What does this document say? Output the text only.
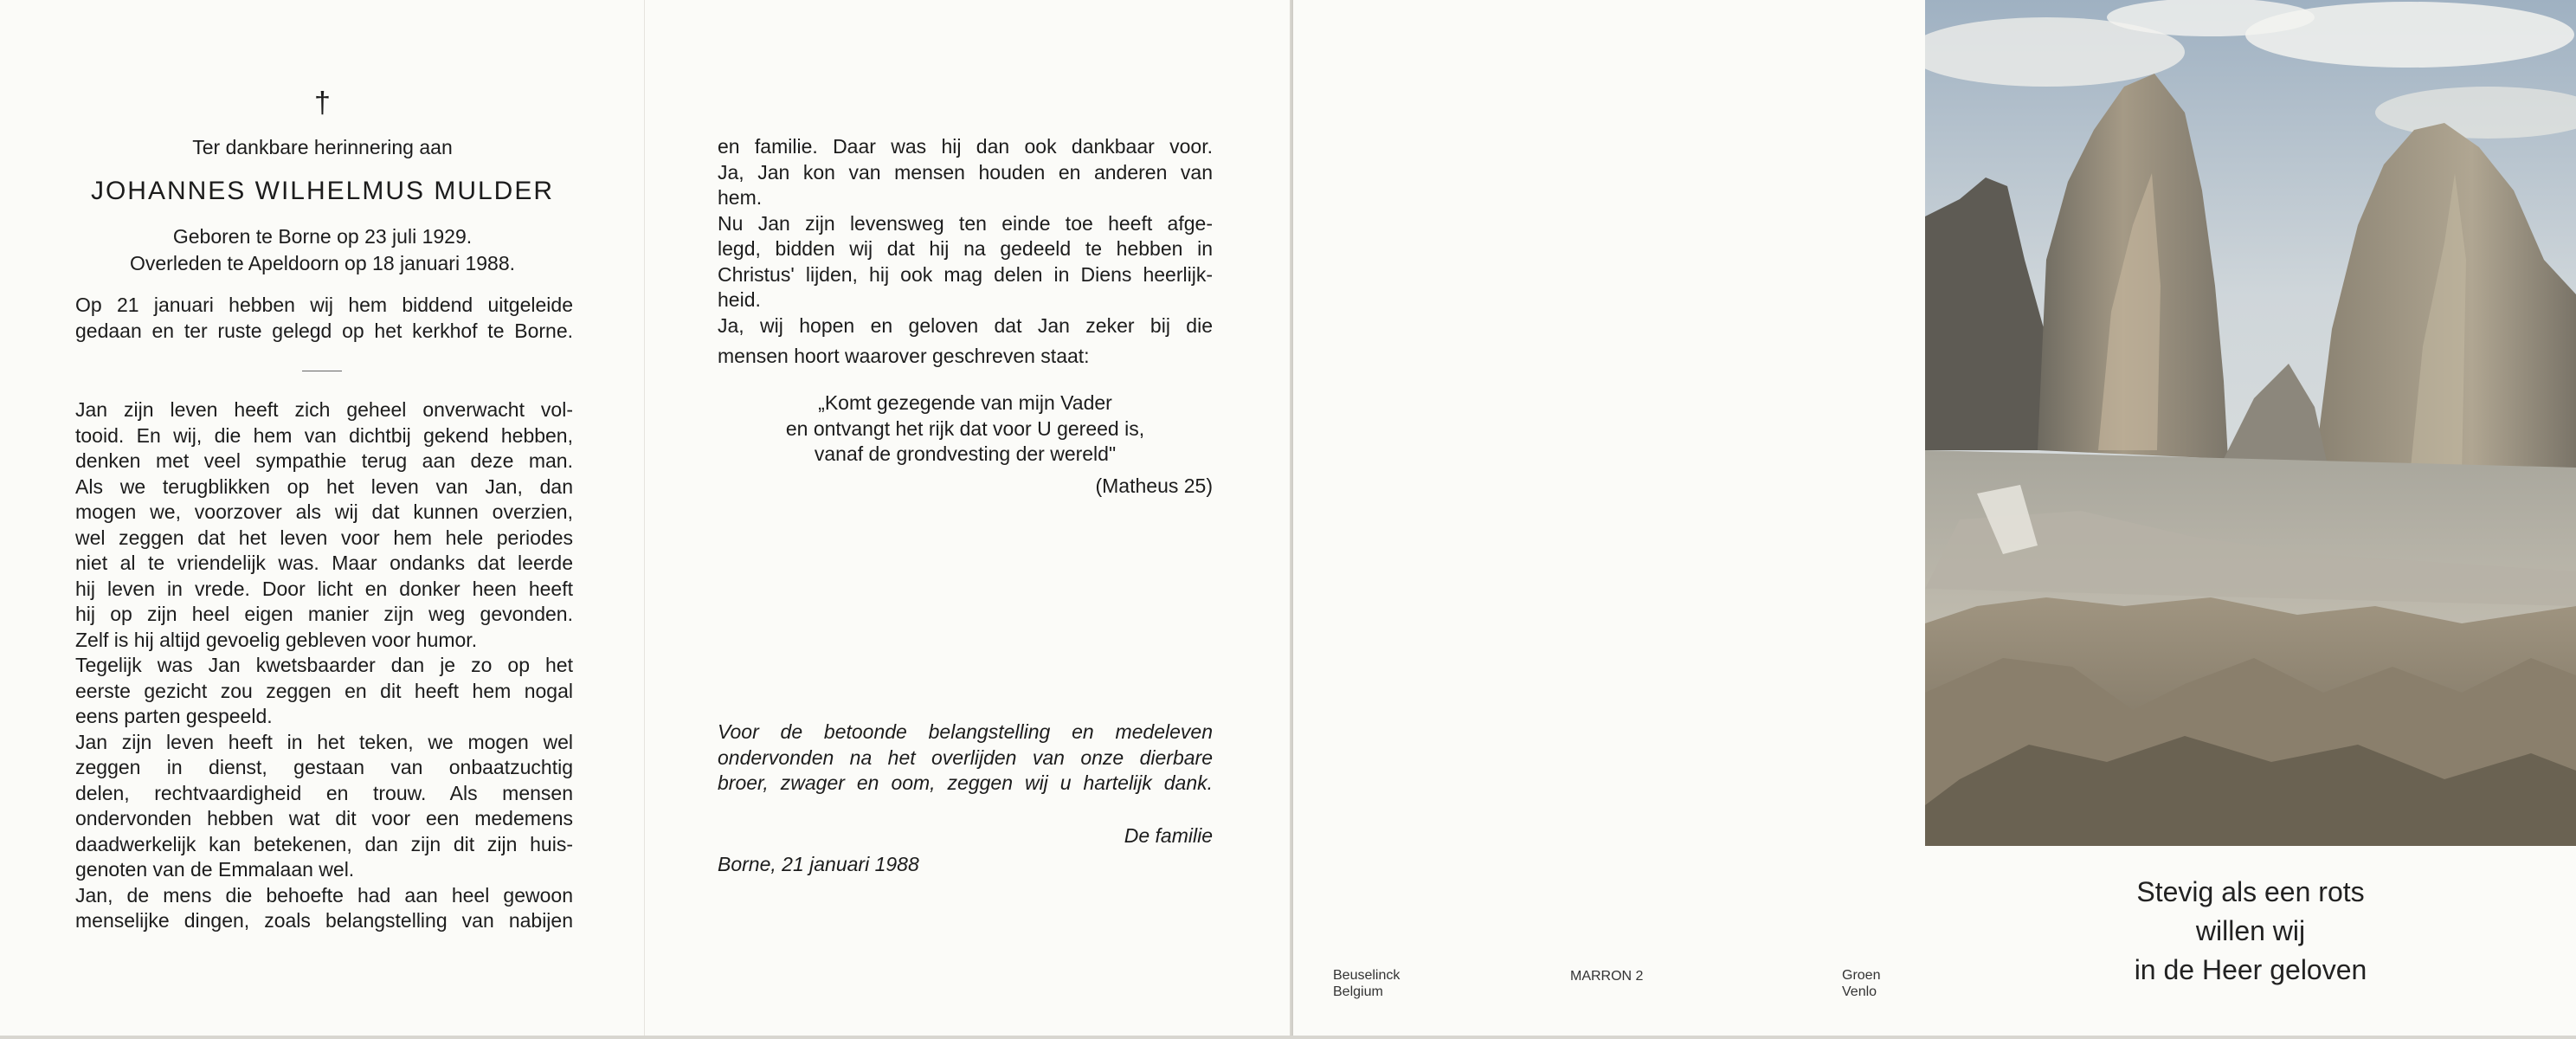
†
Ter dankbare herinnering aan
JOHANNES WILHELMUS MULDER
Geboren te Borne op 23 juli 1929.
Overleden te Apeldoorn op 18 januari 1988.
Op 21 januari hebben wij hem biddend uitgeleide
gedaan en ter ruste gelegd op het kerkhof te Borne.
Jan zijn leven heeft zich geheel onverwacht vol-
tooid. En wij, die hem van dichtbij gekend hebben,
denken met veel sympathie terug aan deze man.
Als we terugblikken op het leven van Jan, dan
mogen we, voorzover als wij dat kunnen overzien,
wel zeggen dat het leven voor hem hele periodes
niet al te vriendelijk was. Maar ondanks dat leerde
hij leven in vrede. Door licht en donker heen heeft
hij op zijn heel eigen manier zijn weg gevonden.
Zelf is hij altijd gevoelig gebleven voor humor.
Tegelijk was Jan kwetsbaarder dan je zo op het
eerste gezicht zou zeggen en dit heeft hem nogal
eens parten gespeeld.
Jan zijn leven heeft in het teken, we mogen wel
zeggen in dienst, gestaan van onbaatzuchtig
delen, rechtvaardigheid en trouw. Als mensen
ondervonden hebben wat dit voor een medemens
daadwerkelijk kan betekenen, dan zijn dit zijn huis-
genoten van de Emmalaan wel.
Jan, de mens die behoefte had aan heel gewoon
menselijke dingen, zoals belangstelling van nabijen
en familie. Daar was hij dan ook dankbaar voor.
Ja, Jan kon van mensen houden en anderen van
hem.
Nu Jan zijn levensweg ten einde toe heeft afge-
legd, bidden wij dat hij na gedeeld te hebben in
Christus' lijden, hij ook mag delen in Diens heerlijk-
heid.
Ja, wij hopen en geloven dat Jan zeker bij die
mensen hoort waarover geschreven staat:
„Komt gezegende van mijn Vader
en ontvangt het rijk dat voor U gereed is,
vanaf de grondvesting der wereld"
(Matheus 25)
Voor de betoonde belangstelling en medeleven
ondervonden na het overlijden van onze dierbare
broer, zwager en oom, zeggen wij u hartelijk dank.
De familie
Borne, 21 januari 1988
Beuselinck
Belgium
MARRON 2	Groen
Venlo
Stevig als een rots
willen wij
in de Heer geloven
